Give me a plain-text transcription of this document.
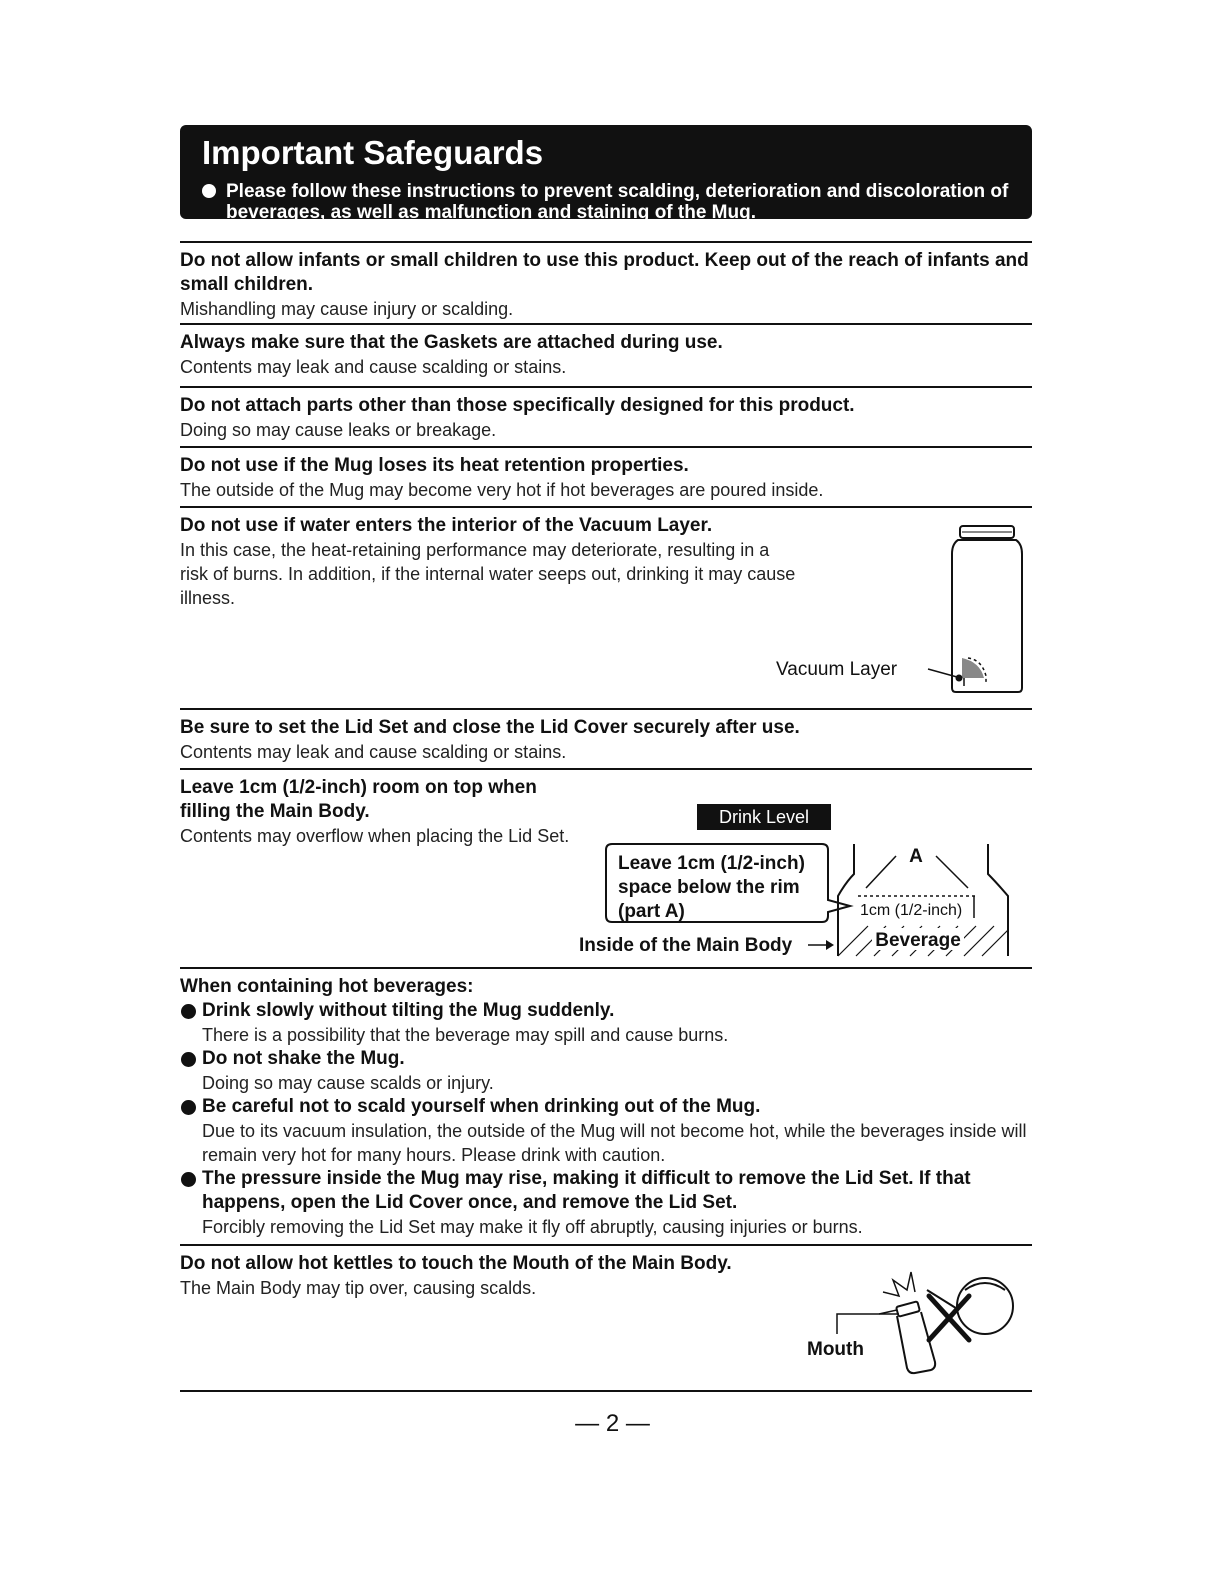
Important Safeguards
Please follow these instructions to prevent scalding, deterioration and discoloration of beverages, as well as malfunction and staining of the Mug.
Do not allow infants or small children to use this product. Keep out of the reach of infants and small children.
Mishandling may cause injury or scalding.
Always make sure that the Gaskets are attached during use.
Contents may leak and cause scalding or stains.
Do not attach parts other than those specifically designed for this product.
Doing so may cause leaks or breakage.
Do not use if the Mug loses its heat retention properties.
The outside of the Mug may become very hot if hot beverages are poured inside.
Do not use if water enters the interior of the Vacuum Layer.
In this case, the heat-retaining performance may deteriorate, resulting in a risk of burns. In addition, if the internal water seeps out, drinking it may cause illness.
Vacuum Layer
Be sure to set the Lid Set and close the Lid Cover securely after use.
Contents may leak and cause scalding or stains.
Leave 1cm (1/2-inch) room on top when filling the Main Body.
Contents may overflow when placing the Lid Set.
Drink Level
Leave 1cm (1/2-inch)
space below the rim
(part A)
Inside of the Main Body	Beverage
A
1cm (1/2-inch)
When containing hot beverages:
Drink slowly without tilting the Mug suddenly.
There is a possibility that the beverage may spill and cause burns.
Do not shake the Mug.
Doing so may cause scalds or injury.
Be careful not to scald yourself when drinking out of the Mug.
Due to its vacuum insulation, the outside of the Mug will not become hot, while the beverages inside will remain very hot for many hours. Please drink with caution.
The pressure inside the Mug may rise, making it difficult to remove the Lid Set. If that happens, open the Lid Cover once, and remove the Lid Set.
Forcibly removing the Lid Set may make it fly off abruptly, causing injuries or burns.
Do not allow hot kettles to touch the Mouth of the Main Body.
The Main Body may tip over, causing scalds.
Mouth
— 2 —
